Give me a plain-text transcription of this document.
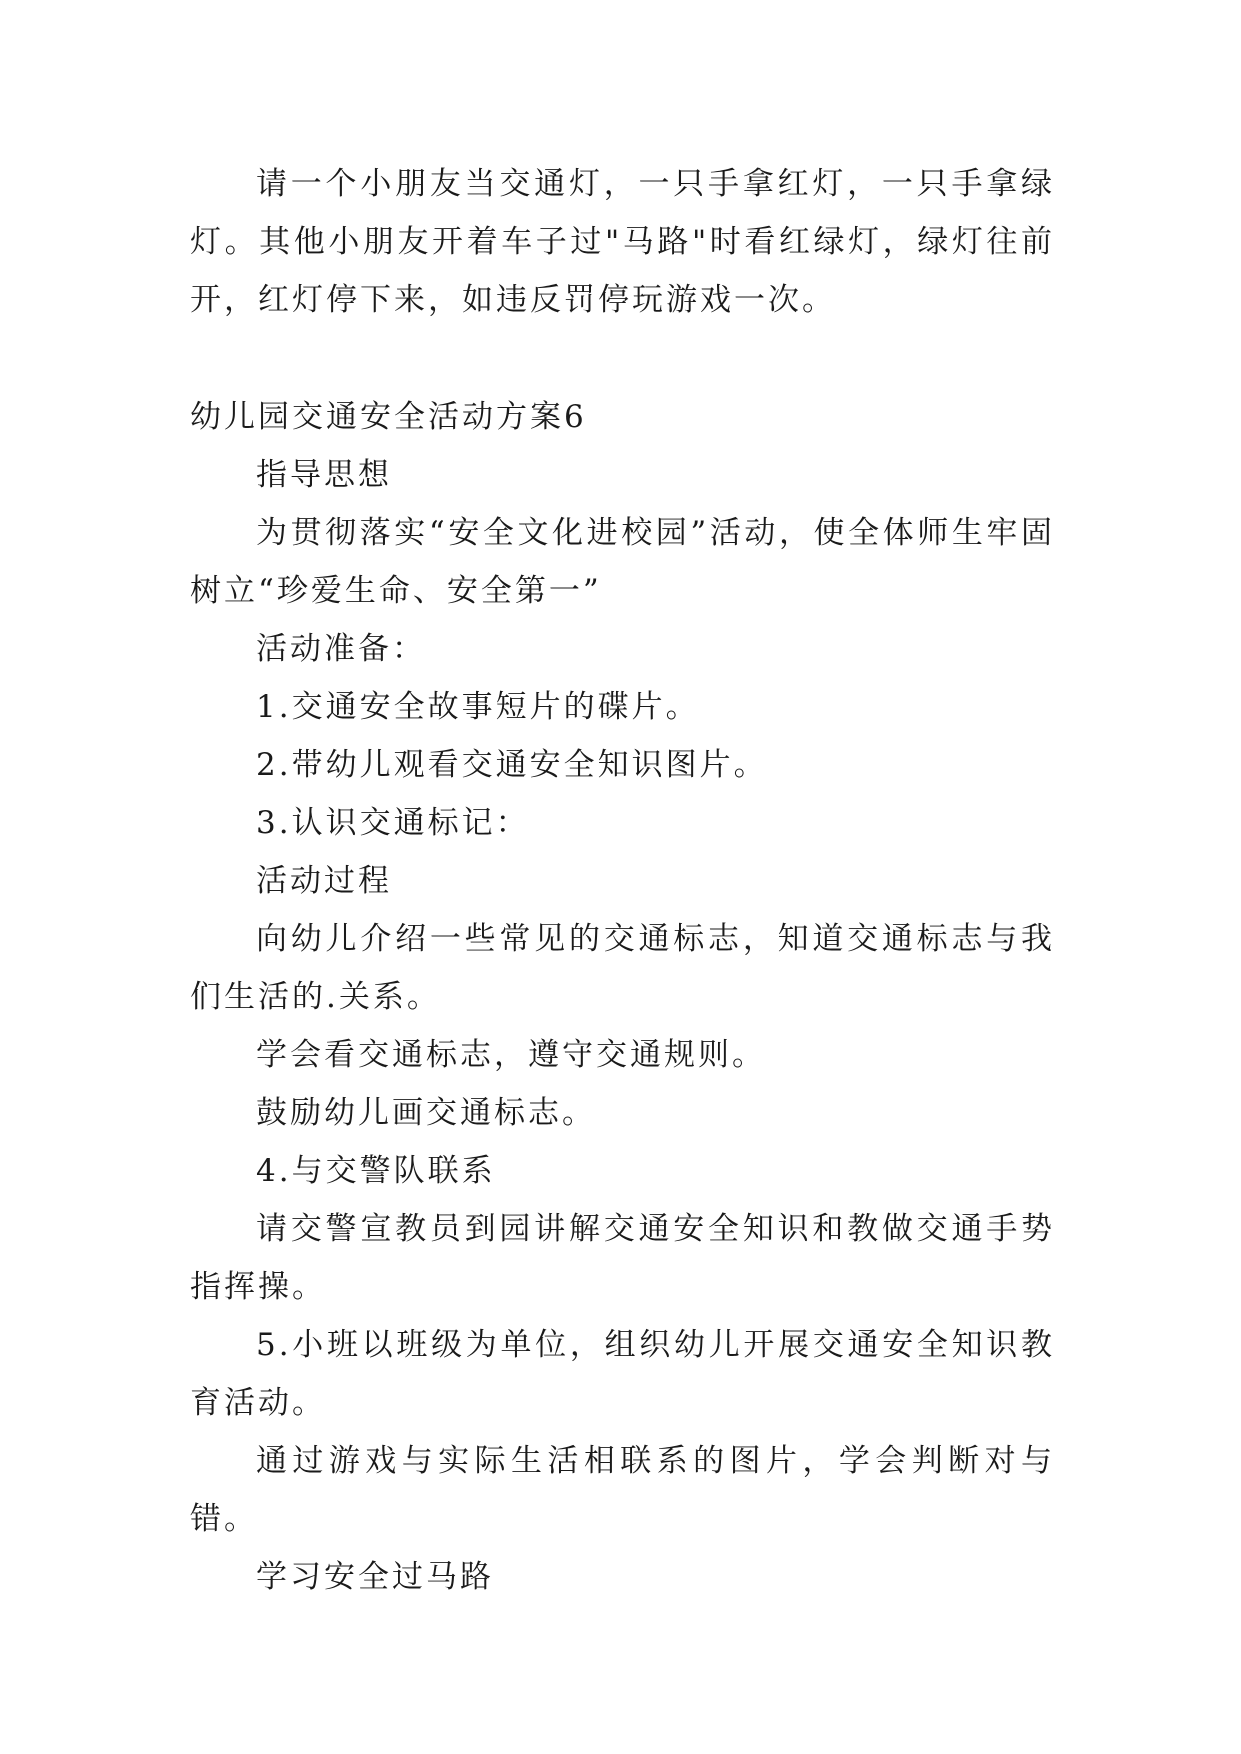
请一个小朋友当交通灯，一只手拿红灯，一只手拿绿灯。其他小朋友开着车子过"马路"时看红绿灯，绿灯往前开，红灯停下来，如违反罚停玩游戏一次。

幼儿园交通安全活动方案6

指导思想

为贯彻落实“安全文化进校园”活动，使全体师生牢固树立“珍爱生命、安全第一”

活动准备：

1.交通安全故事短片的碟片。

2.带幼儿观看交通安全知识图片。

3.认识交通标记：

活动过程

向幼儿介绍一些常见的交通标志，知道交通标志与我们生活的.关系。

学会看交通标志，遵守交通规则。

鼓励幼儿画交通标志。

4.与交警队联系

请交警宣教员到园讲解交通安全知识和教做交通手势指挥操。

5.小班以班级为单位，组织幼儿开展交通安全知识教育活动。

通过游戏与实际生活相联系的图片，学会判断对与错。

学习安全过马路
